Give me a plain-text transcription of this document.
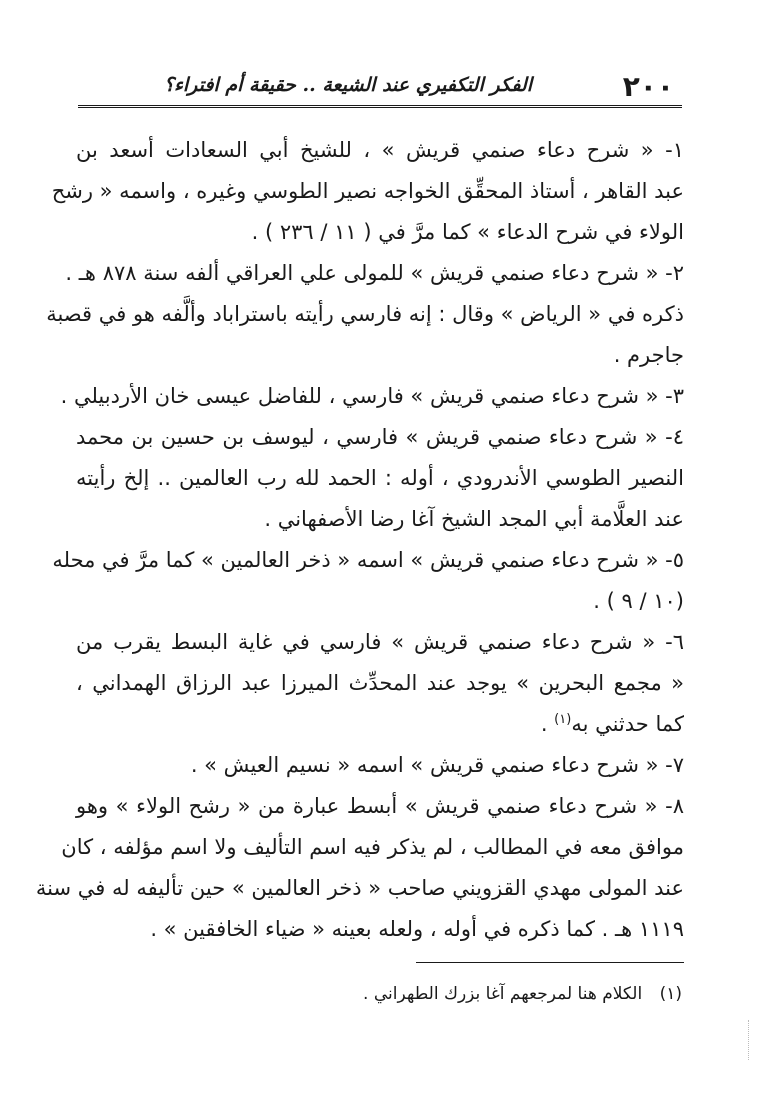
٢٠٠
الفكر التكفيري عند الشيعة .. حقيقة أم افتراء؟

١- « شرح دعاء صنمي قريش » ، للشيخ أبي السعادات أسعد بن
عبد القاهر ، أستاذ المحقِّق الخواجه نصير الطوسي وغيره ، واسمه « رشح
الولاء في شرح الدعاء » كما مرَّ في ( ١١ / ٢٣٦ ) .

٢- « شرح دعاء صنمي قريش » للمولى علي العراقي ألفه سنة ٨٧٨ هـ .
ذكره في « الرياض » وقال : إنه فارسي رأيته باستراباد وألَّفه هو في قصبة
جاجرم .

٣- « شرح دعاء صنمي قريش » فارسي ، للفاضل عيسى خان الأردبيلي .

٤- « شرح دعاء صنمي قريش » فارسي ، ليوسف بن حسين بن محمد
النصير الطوسي الأندرودي ، أوله : الحمد لله رب العالمين .. إلخ رأيته
عند العلَّامة أبي المجد الشيخ آغا رضا الأصفهاني .

٥- « شرح دعاء صنمي قريش » اسمه « ذخر العالمين » كما مرَّ في محله
(١٠ / ٩ ) .

٦- « شرح دعاء صنمي قريش » فارسي في غاية البسط يقرب من
« مجمع البحرين » يوجد عند المحدِّث الميرزا عبد الرزاق الهمداني ،
كما حدثني به$^{(١)}$ .

٧- « شرح دعاء صنمي قريش » اسمه « نسيم العيش » .

٨- « شرح دعاء صنمي قريش » أبسط عبارة من « رشح الولاء » وهو
موافق معه في المطالب ، لم يذكر فيه اسم التأليف ولا اسم مؤلفه ، كان
عند المولى مهدي القزويني صاحب « ذخر العالمين » حين تأليفه له في سنة
١١١٩ هـ . كما ذكره في أوله ، ولعله بعينه « ضياء الخافقين » .

(١) الكلام هنا لمرجعهم آغا بزرك الطهراني .
